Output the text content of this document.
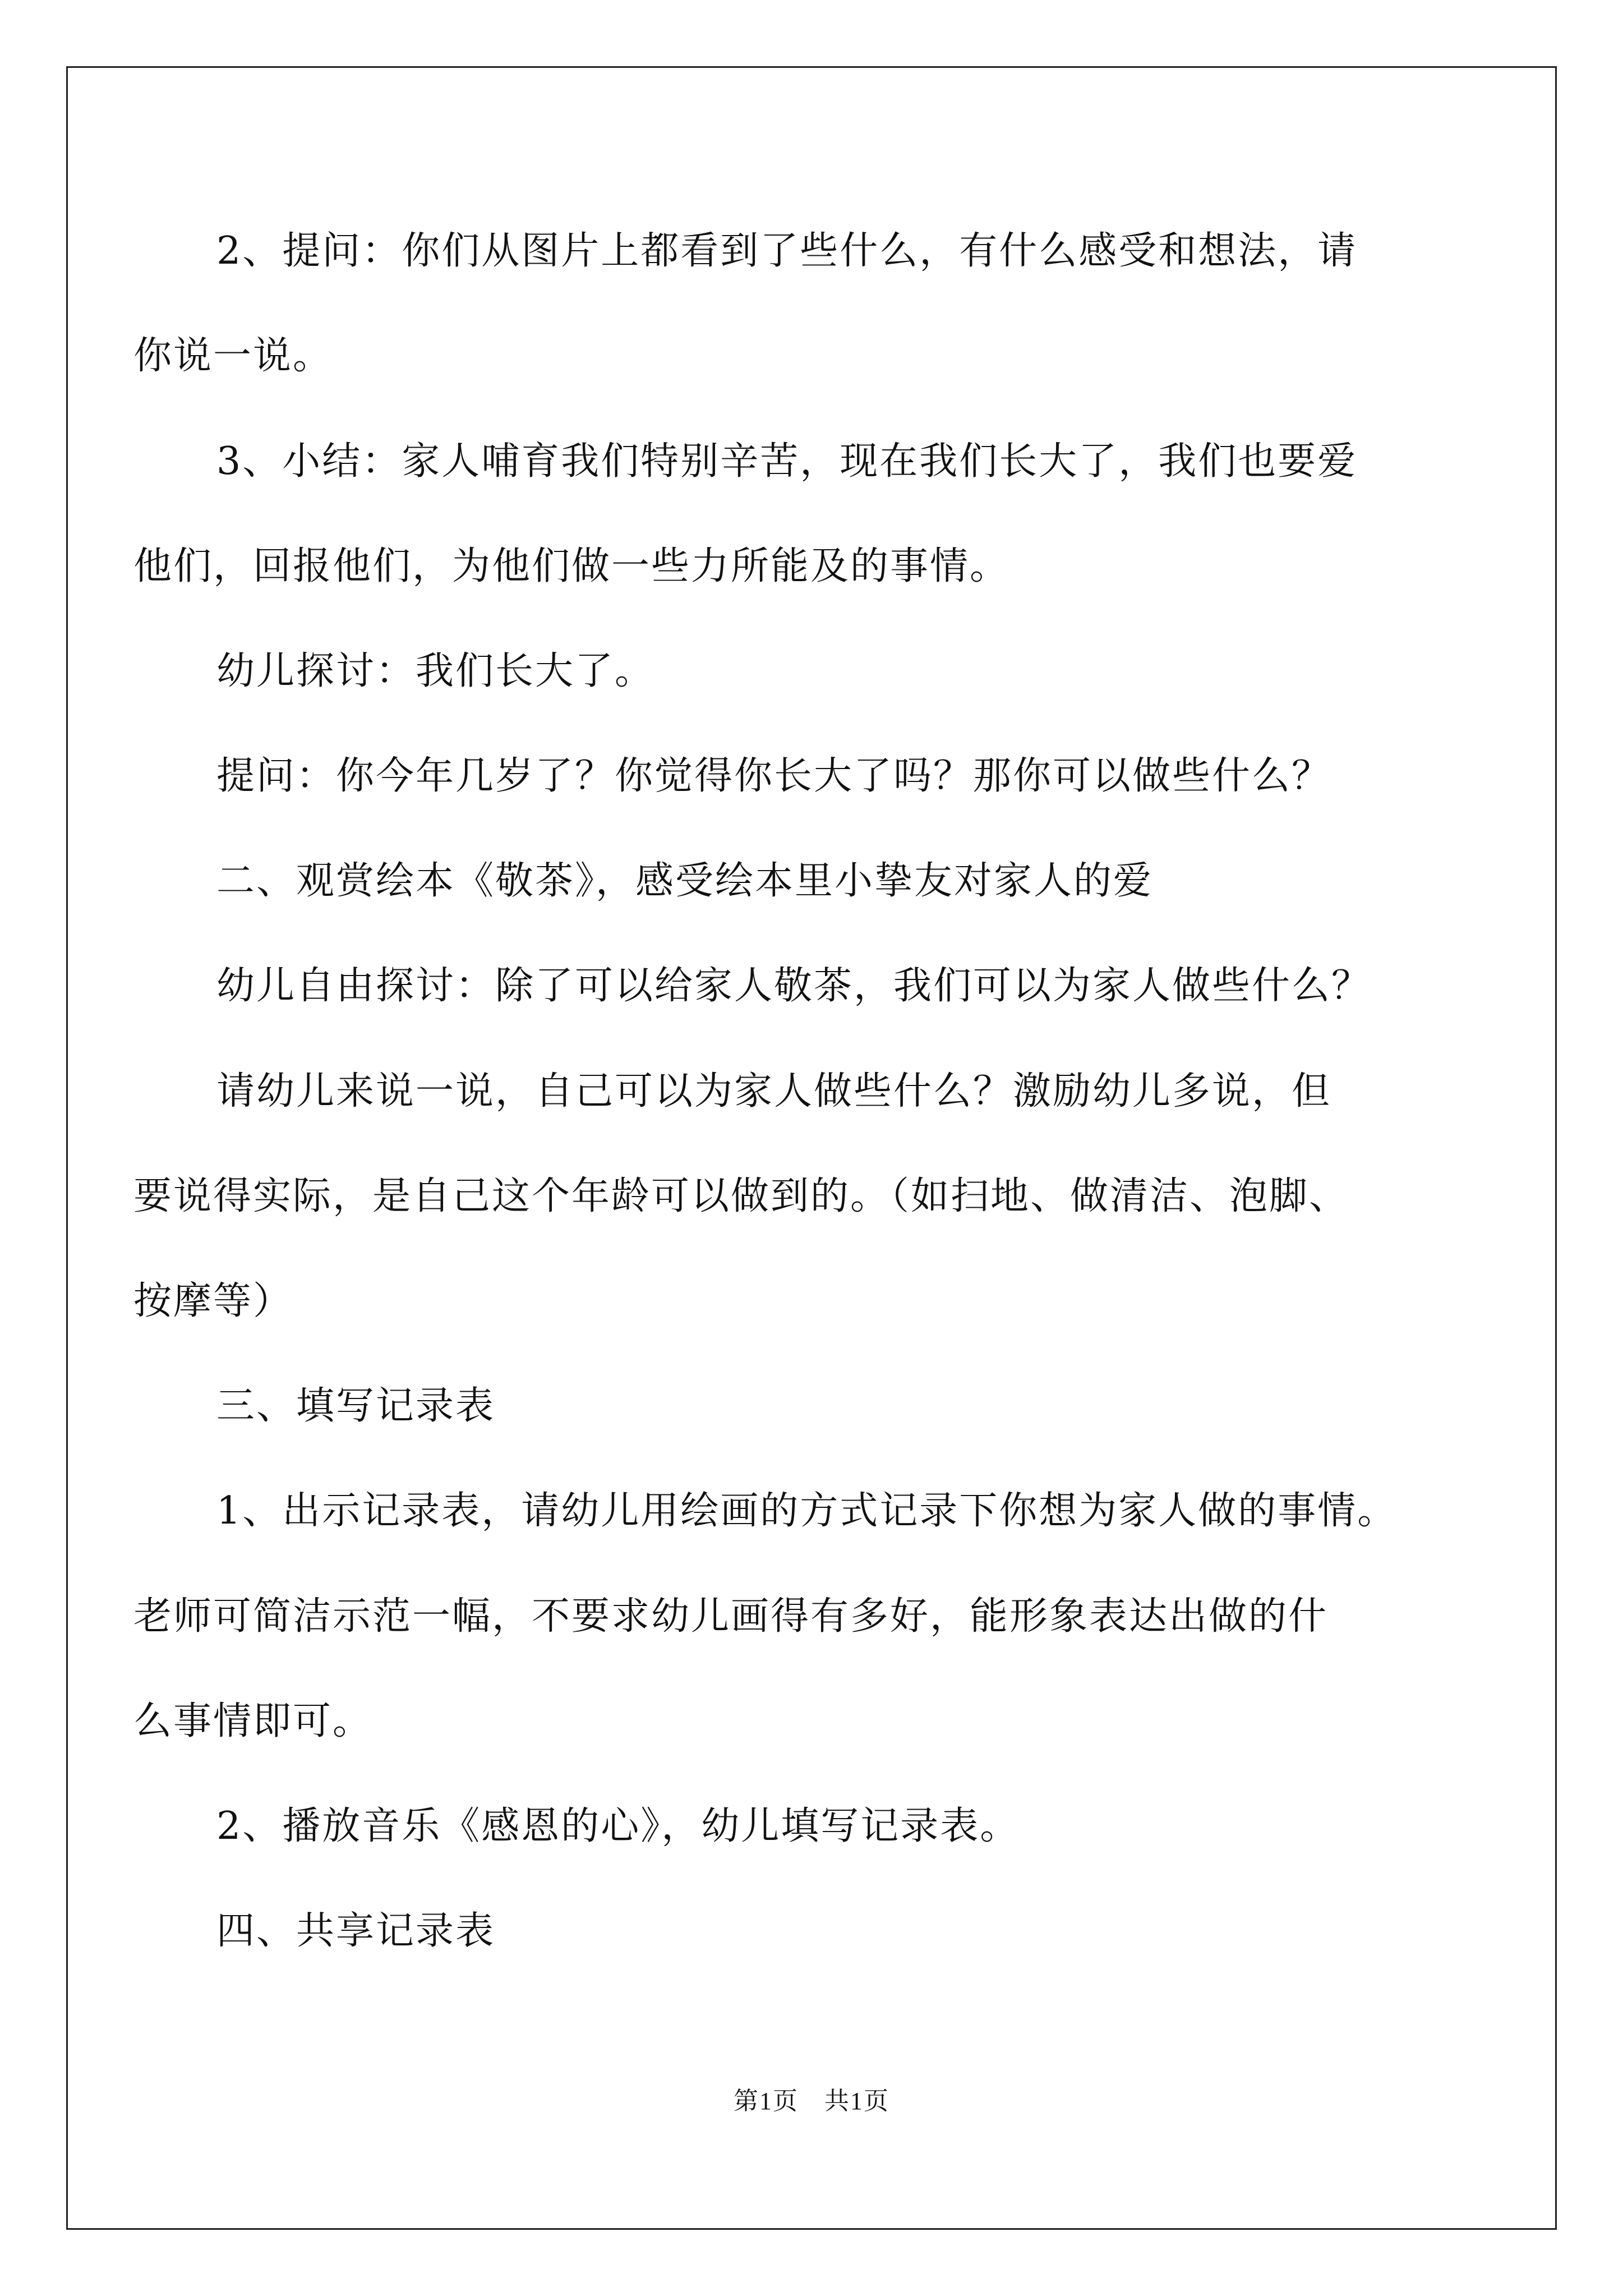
2、提问：你们从图片上都看到了些什么，有什么感受和想法，请
你说一说。
3、小结：家人哺育我们特别辛苦，现在我们长大了，我们也要爱
他们，回报他们，为他们做一些力所能及的事情。
幼儿探讨：我们长大了。
提问：你今年几岁了？你觉得你长大了吗？那你可以做些什么？
二、观赏绘本《敬茶》，感受绘本里小挚友对家人的爱
幼儿自由探讨：除了可以给家人敬茶，我们可以为家人做些什么？
请幼儿来说一说，自己可以为家人做些什么？激励幼儿多说，但
要说得实际，是自己这个年龄可以做到的。（如扫地、做清洁、泡脚、
按摩等）
三、填写记录表
1、出示记录表，请幼儿用绘画的方式记录下你想为家人做的事情。
老师可简洁示范一幅，不要求幼儿画得有多好，能形象表达出做的什
么事情即可。
2、播放音乐《感恩的心》，幼儿填写记录表。
四、共享记录表
第1页　共1页
